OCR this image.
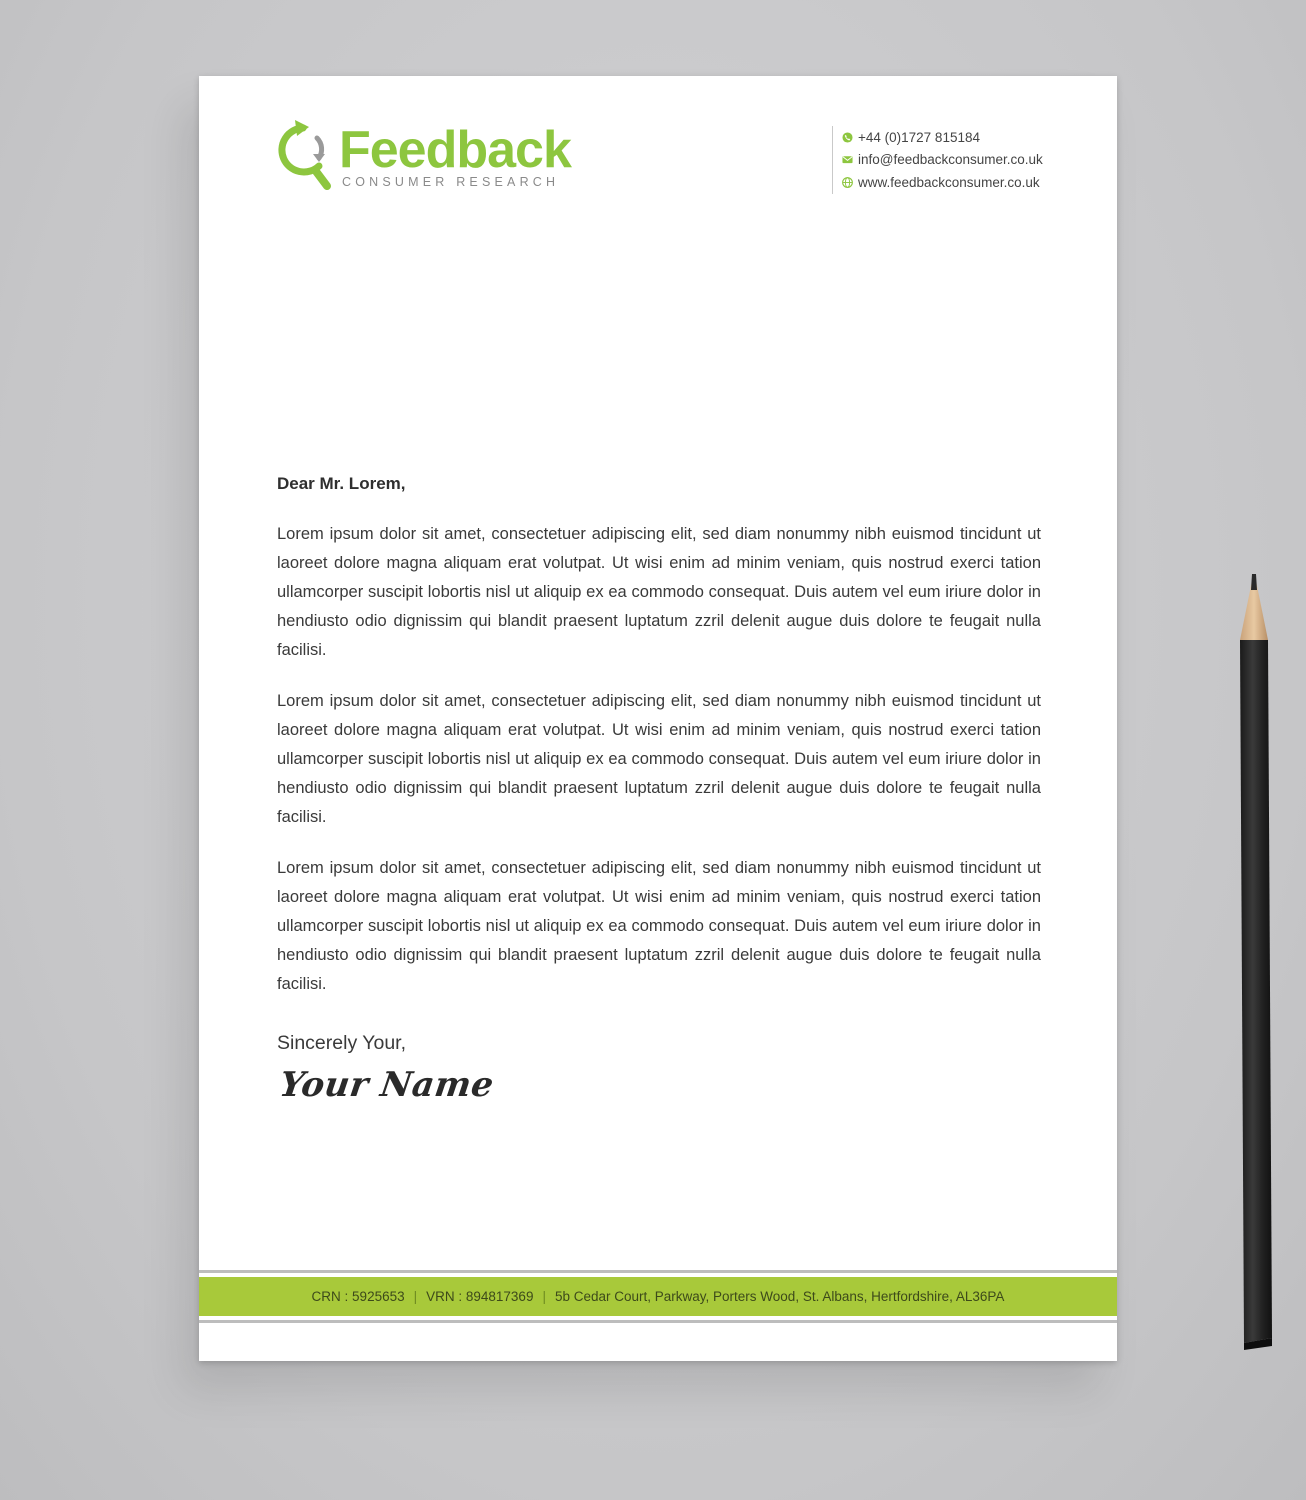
Feedback
CONSUMER RESEARCH
+44 (0)1727 815184
info@feedbackconsumer.co.uk
www.feedbackconsumer.co.uk
Dear Mr. Lorem,

Lorem ipsum dolor sit amet, consectetuer adipiscing elit, sed diam nonummy nibh euismod tincidunt ut laoreet dolore magna aliquam erat volutpat. Ut wisi enim ad minim veniam, quis nostrud exerci tation ullamcorper suscipit lobortis nisl ut aliquip ex ea commodo consequat. Duis autem vel eum iriure dolor in hendiusto odio dignissim qui blandit praesent luptatum zzril delenit augue duis dolore te feugait nulla facilisi.

Lorem ipsum dolor sit amet, consectetuer adipiscing elit, sed diam nonummy nibh euismod tincidunt ut laoreet dolore magna aliquam erat volutpat. Ut wisi enim ad minim veniam, quis nostrud exerci tation ullamcorper suscipit lobortis nisl ut aliquip ex ea commodo consequat. Duis autem vel eum iriure dolor in hendiusto odio dignissim qui blandit praesent luptatum zzril delenit augue duis dolore te feugait nulla facilisi.

Lorem ipsum dolor sit amet, consectetuer adipiscing elit, sed diam nonummy nibh euismod tincidunt ut laoreet dolore magna aliquam erat volutpat. Ut wisi enim ad minim veniam, quis nostrud exerci tation ullamcorper suscipit lobortis nisl ut aliquip ex ea commodo consequat. Duis autem vel eum iriure dolor in hendiusto odio dignissim qui blandit praesent luptatum zzril delenit augue duis dolore te feugait nulla facilisi.

Sincerely Your,
Your Name
CRN : 5925653 | VRN : 894817369 | 5b Cedar Court, Parkway, Porters Wood, St. Albans, Hertfordshire, AL36PA
